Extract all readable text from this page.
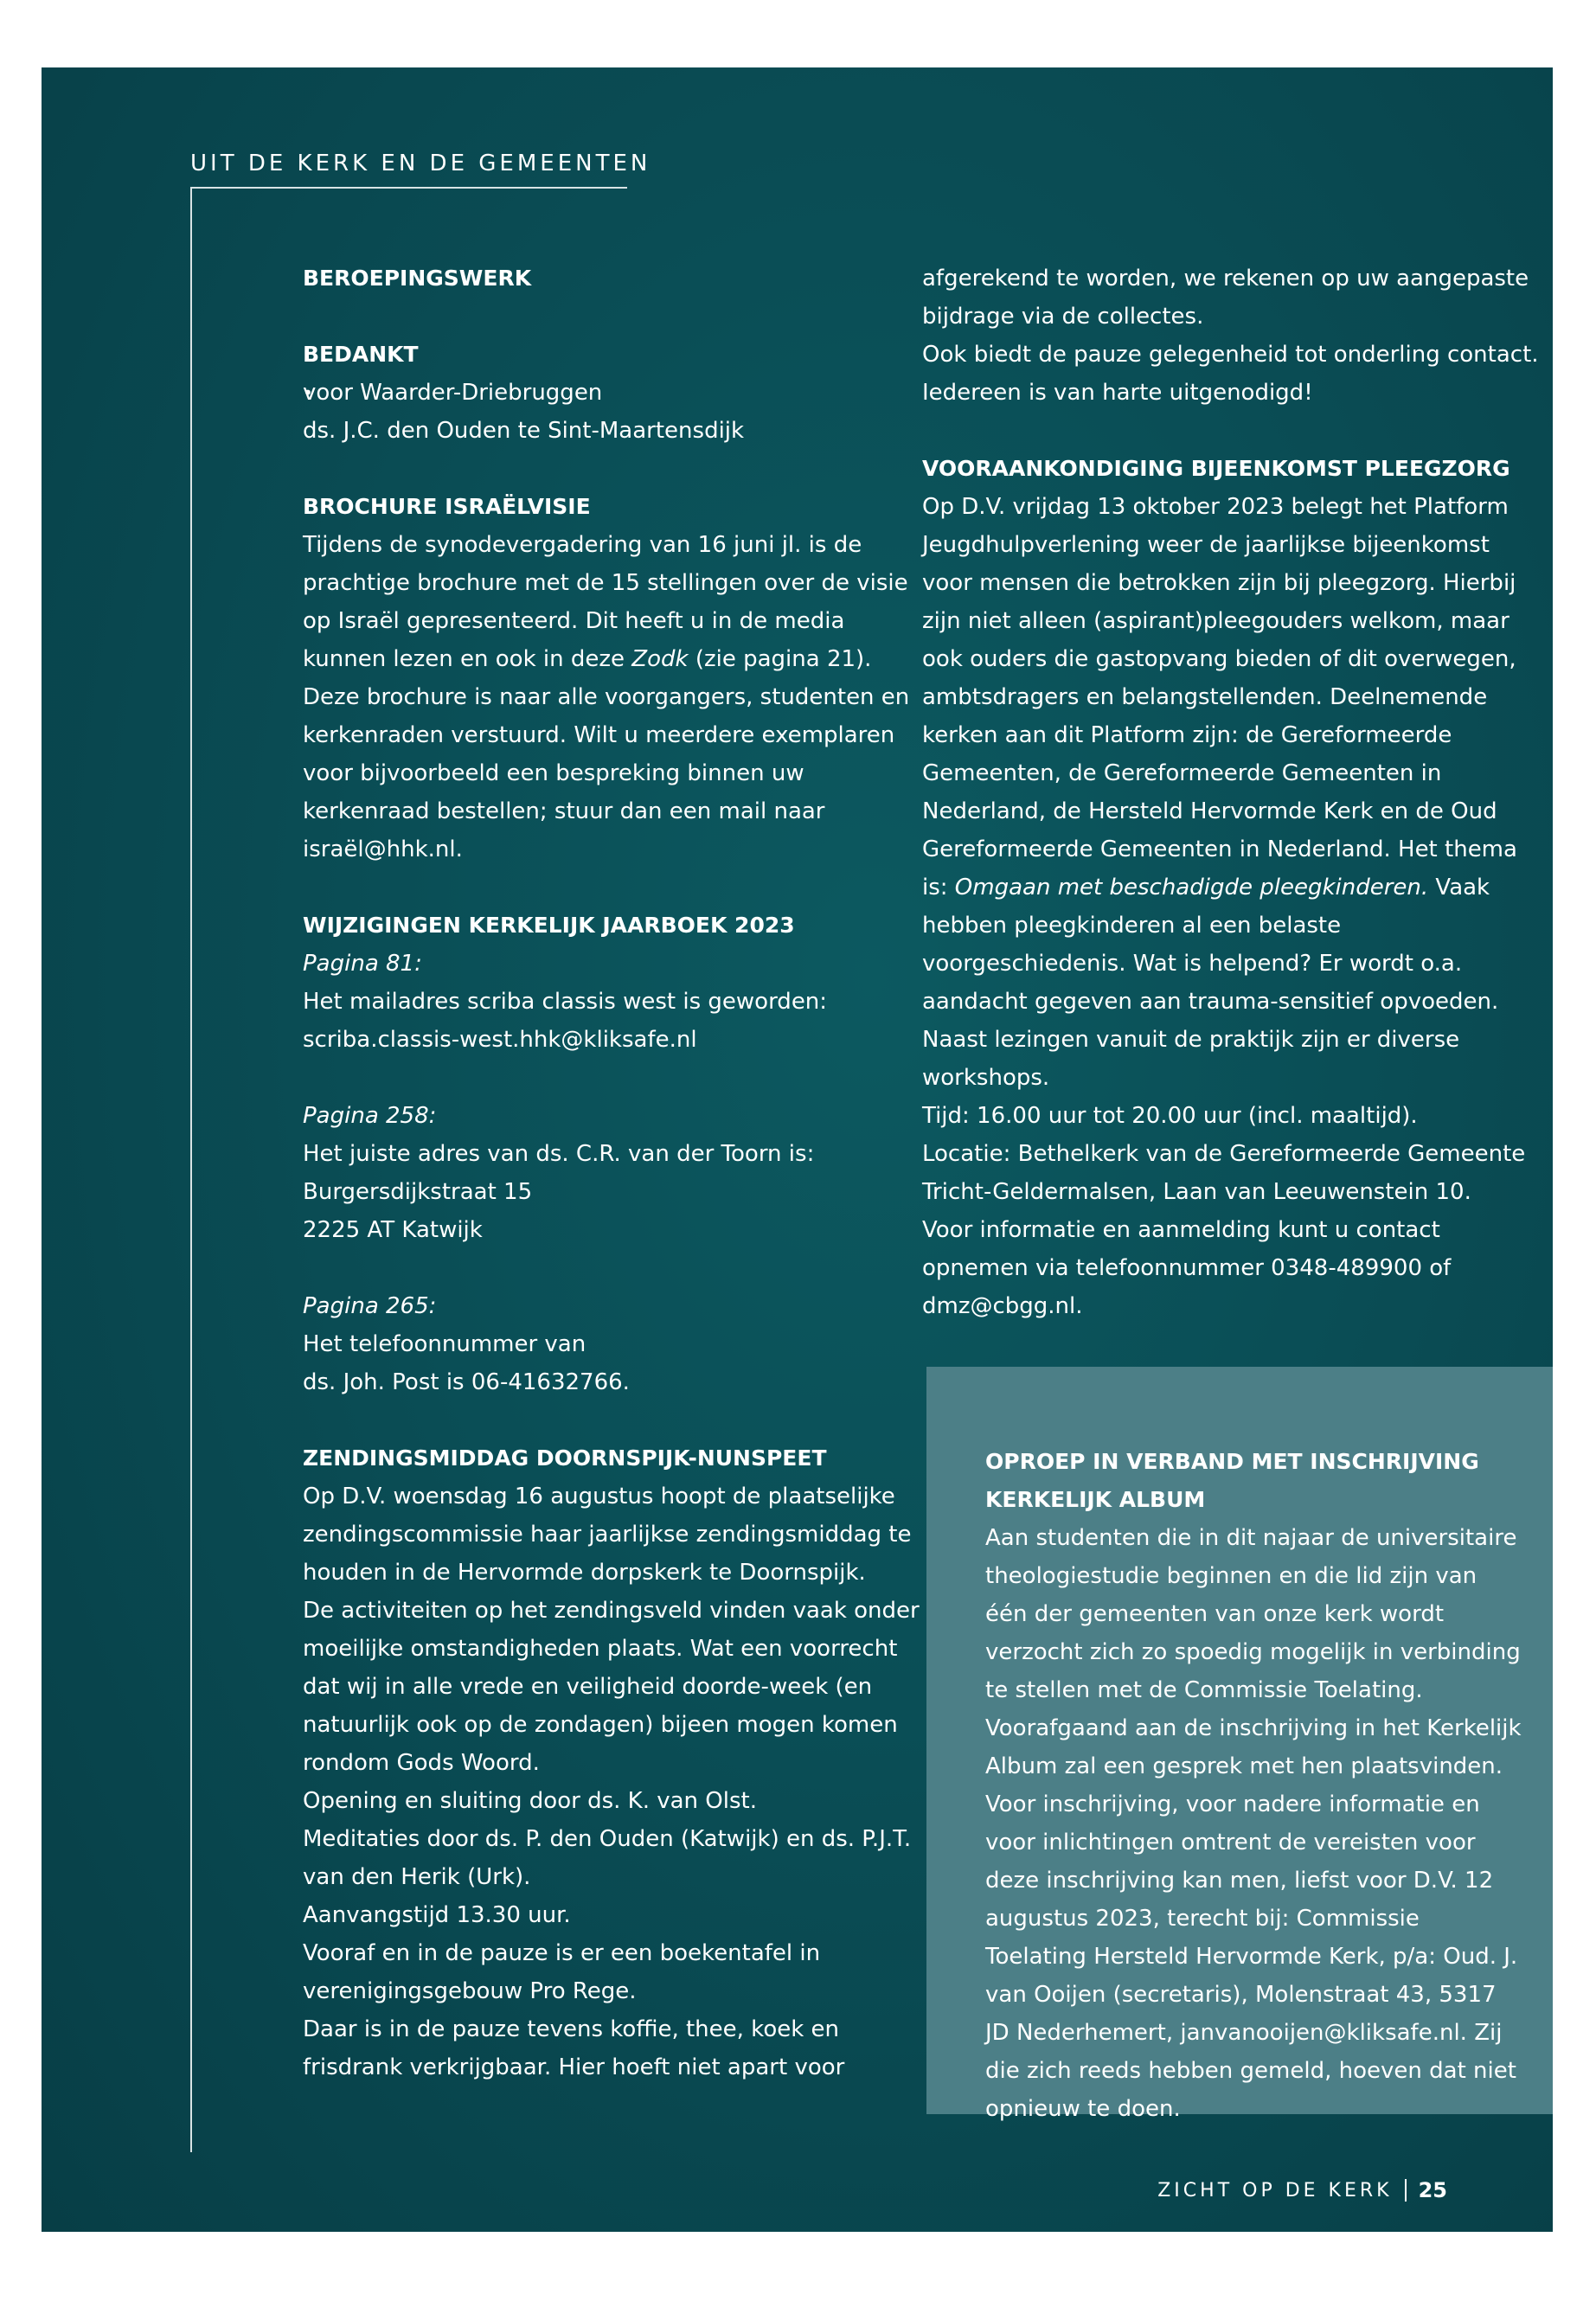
UIT DE KERK EN DE GEMEENTEN

BEROEPINGSWERK
BEDANKT
• voor Waarder-Driebruggen
ds. J.C. den Ouden te Sint-Maartensdijk
BROCHURE ISRAËLVISIE

Tijdens de synodevergadering van 16 juni jl. is de prachtige brochure met de 15 stellingen over de visie op Israël gepresenteerd. Dit heeft u in de media kunnen lezen en ook in deze Zodk (zie pagina 21). Deze brochure is naar alle voorgangers, studenten en kerkenraden verstuurd. Wilt u meerdere exemplaren voor bijvoorbeeld een bespreking binnen uw kerkenraad bestellen; stuur dan een mail naar israël@hhk.nl.

WIJZIGINGEN KERKELIJK JAARBOEK 2023

Pagina 81:

Het mailadres scriba classis west is geworden:

scriba.classis-west.hhk@kliksafe.nl

Pagina 258:

Het juiste adres van ds. C.R. van der Toorn is:

Burgersdijkstraat 15

2225 AT Katwijk

Pagina 265:

Het telefoonnummer van

ds. Joh. Post is 06-41632766.

ZENDINGSMIDDAG DOORNSPIJK-NUNSPEET

Op D.V. woensdag 16 augustus hoopt de plaatselijke zendingscommissie haar jaarlijkse zendingsmiddag te houden in de Hervormde dorpskerk te Doornspijk.

De activiteiten op het zendingsveld vinden vaak onder moeilijke omstandigheden plaats. Wat een voorrecht dat wij in alle vrede en veiligheid doorde-week (en natuurlijk ook op de zondagen) bijeen mogen komen rondom Gods Woord.

Opening en sluiting door ds. K. van Olst.

Meditaties door ds. P. den Ouden (Katwijk) en ds. P.J.T. van den Herik (Urk).

Aanvangstijd 13.30 uur.

Vooraf en in de pauze is er een boekentafel in verenigingsgebouw Pro Rege.

Daar is in de pauze tevens koffie, thee, koek en frisdrank verkrijgbaar. Hier hoeft niet apart voor

afgerekend te worden, we rekenen op uw aangepaste bijdrage via de collectes.

Ook biedt de pauze gelegenheid tot onderling contact. Iedereen is van harte uitgenodigd!

VOORAANKONDIGING BIJEENKOMST PLEEGZORG

Op D.V. vrijdag 13 oktober 2023 belegt het Platform Jeugdhulpverlening weer de jaarlijkse bijeenkomst voor mensen die betrokken zijn bij pleegzorg. Hierbij zijn niet alleen (aspirant)pleegouders welkom, maar ook ouders die gastopvang bieden of dit overwegen, ambtsdragers en belangstellenden. Deelnemende kerken aan dit Platform zijn: de Gereformeerde Gemeenten, de Gereformeerde Gemeenten in Nederland, de Hersteld Hervormde Kerk en de Oud Gereformeerde Gemeenten in Nederland. Het thema is: Omgaan met beschadigde pleegkinderen. Vaak hebben pleegkinderen al een belaste voorgeschiedenis. Wat is helpend? Er wordt o.a. aandacht gegeven aan trauma-sensitief opvoeden. Naast lezingen vanuit de praktijk zijn er diverse workshops.

Tijd: 16.00 uur tot 20.00 uur (incl. maaltijd).

Locatie: Bethelkerk van de Gereformeerde Gemeente Tricht-Geldermalsen, Laan van Leeuwenstein 10.

Voor informatie en aanmelding kunt u contact opnemen via telefoonnummer 0348-489900 of dmz@cbgg.nl.

OPROEP IN VERBAND MET INSCHRIJVING KERKELIJK ALBUM

Aan studenten die in dit najaar de universitaire theologiestudie beginnen en die lid zijn van één der gemeenten van onze kerk wordt verzocht zich zo spoedig mogelijk in verbinding te stellen met de Commissie Toelating. Voorafgaand aan de inschrijving in het Kerkelijk Album zal een gesprek met hen plaatsvinden. Voor inschrijving, voor nadere informatie en voor inlichtingen omtrent de vereisten voor deze inschrijving kan men, liefst voor D.V. 12 augustus 2023, terecht bij: Commissie Toelating Hersteld Hervormde Kerk, p/a: Oud. J. van Ooijen (secretaris), Molenstraat 43, 5317 JD Nederhemert, janvanooijen@kliksafe.nl. Zij die zich reeds hebben gemeld, hoeven dat niet opnieuw te doen.

ZICHT OP DE KERK 25
